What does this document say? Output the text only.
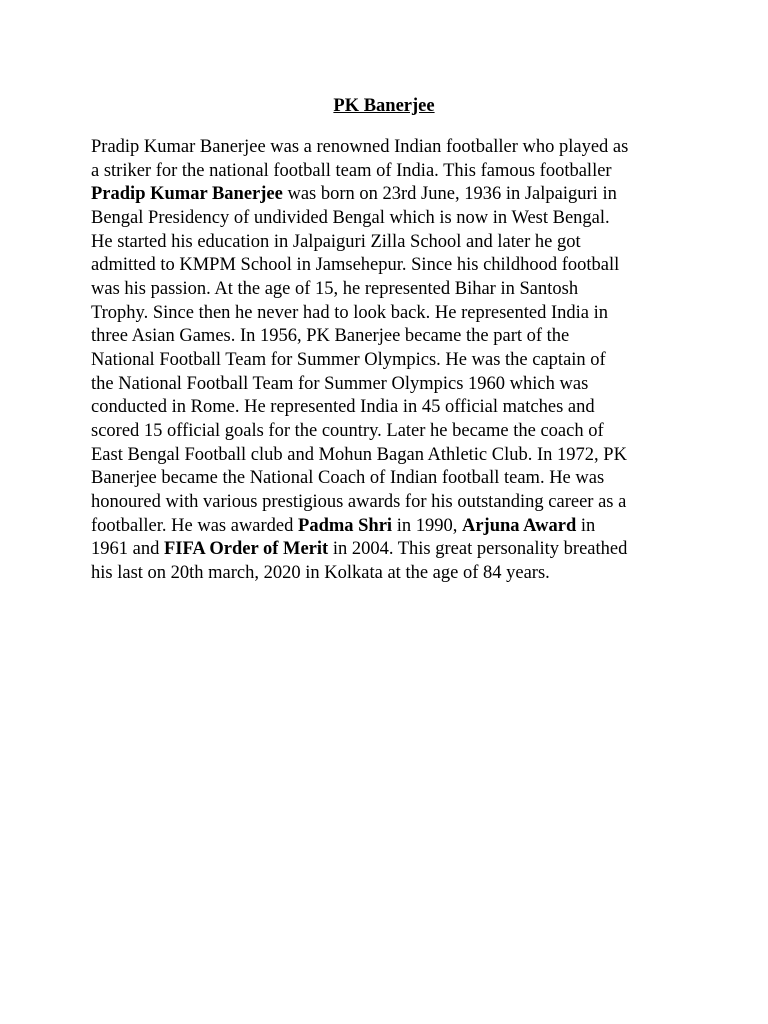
PK Banerjee

Pradip Kumar Banerjee was a renowned Indian footballer who played as
a striker for the national football team of India. This famous footballer
Pradip Kumar Banerjee was born on 23rd June, 1936 in Jalpaiguri in
Bengal Presidency of undivided Bengal which is now in West Bengal.
He started his education in Jalpaiguri Zilla School and later he got
admitted to KMPM School in Jamsehepur. Since his childhood football
was his passion. At the age of 15, he represented Bihar in Santosh
Trophy. Since then he never had to look back. He represented India in
three Asian Games. In 1956, PK Banerjee became the part of the
National Football Team for Summer Olympics. He was the captain of
the National Football Team for Summer Olympics 1960 which was
conducted in Rome. He represented India in 45 official matches and
scored 15 official goals for the country. Later he became the coach of
East Bengal Football club and Mohun Bagan Athletic Club. In 1972, PK
Banerjee became the National Coach of Indian football team. He was
honoured with various prestigious awards for his outstanding career as a
footballer. He was awarded Padma Shri in 1990, Arjuna Award in
1961 and FIFA Order of Merit in 2004. This great personality breathed
his last on 20th march, 2020 in Kolkata at the age of 84 years.
